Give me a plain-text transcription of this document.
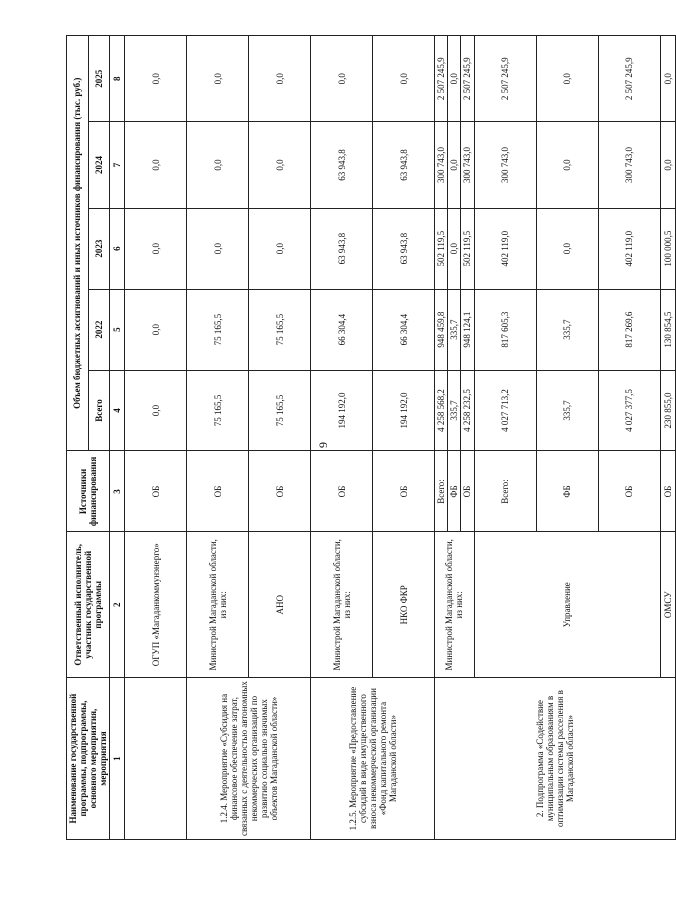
9
Наименование государственной программы, подпрограммы, основного мероприятия, мероприятия	Ответственный исполнитель, участник государственной программы	Источники финансирования	Объем бюджетных ассигнований и иных источников финансирования (тыс. руб.)				
			Всего	2022	2023	2024	2025
1	2	3	4	5	6	7	8
	ОГУП «Магаданкоммунэнерго»	ОБ	0,0	0,0	0,0	0,0	0,0
1.2.4. Мероприятие «Субсидия на финансовое обеспечение затрат, связанных с деятельностью автономных некоммерческих организаций по развитию социально значимых объектов Магаданской области»	Министрой Магаданской области, из них:	ОБ	75 165,5	75 165,5	0,0	0,0	0,0
	АНО	ОБ	75 165,5	75 165,5	0,0	0,0	0,0
1.2.5. Мероприятие «Предоставление субсидий в виде имущественного взноса некоммерческой организации «Фонд капитального ремонта Магаданской области»	Министрой Магаданской области, из них:	ОБ	194 192,0	66 304,4	63 943,8	63 943,8	0,0
	НКО ФКР	ОБ	194 192,0	66 304,4	63 943,8	63 943,8	0,0
2. Подпрограмма «Содействие муниципальным образованиям в оптимизации системы расселения в Магаданской области»	Министрой Магаданской области, из них:	Всего:	4 258 568,2	948 459,8	502 119,5	300 743,0	2 507 245,9
		ФБ	335,7	335,7	0,0	0,0	0,0
		ОБ	4 258 232,5	948 124,1	502 119,5	300 743,0	2 507 245,9
	Управление	Всего:	4 027 713,2	817 605,3	402 119,0	300 743,0	2 507 245,9
		ФБ	335,7	335,7	0,0	0,0	0,0
		ОБ	4 027 377,5	817 269,6	402 119,0	300 743,0	2 507 245,9
	ОМСУ	ОБ	230 855,0	130 854,5	100 000,5	0,0	0,0
